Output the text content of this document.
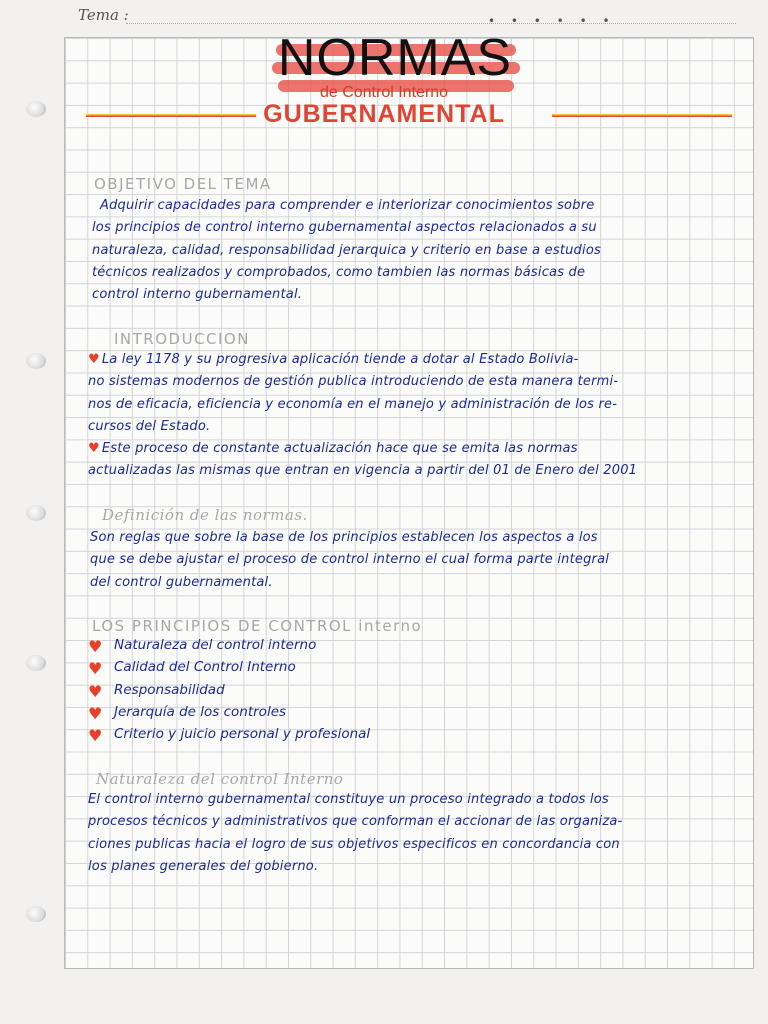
Tema :	• • • • • •
NORMAS
de Control Interno
GUBERNAMENTAL
OBJETIVO DEL TEMA
Adquirir capacidades para comprender e interiorizar conocimientos sobre
los principios de control interno gubernamental aspectos relacionados a su
naturaleza, calidad, responsabilidad jerarquica y criterio en base a estudios
técnicos realizados y comprobados, como tambien las normas básicas de
control interno gubernamental.
INTRODUCCION
♥ La ley 1178 y su progresiva aplicación tiende a dotar al Estado Bolivia-
no sistemas modernos de gestión publica introduciendo de esta manera termi-
nos de eficacia, eficiencia y economía en el manejo y administración de los re-
cursos del Estado.
♥ Este proceso de constante actualización hace que se emita las normas
actualizadas las mismas que entran en vigencia a partir del 01 de Enero del 2001
Definición de las normas.
Son reglas que sobre la base de los principios establecen los aspectos a los
que se debe ajustar el proceso de control interno el cual forma parte integral
del control gubernamental.
LOS PRINCIPIOS DE CONTROL interno
♥ Naturaleza del control interno
♥ Calidad del Control Interno
♥ Responsabilidad
♥ Jerarquía de los controles
♥ Criterio y juicio personal y profesional
Naturaleza del control Interno
El control interno gubernamental constituye un proceso integrado a todos los
procesos técnicos y administrativos que conforman el accionar de las organiza-
ciones publicas hacia el logro de sus objetivos especificos en concordancia con
los planes generales del gobierno.
